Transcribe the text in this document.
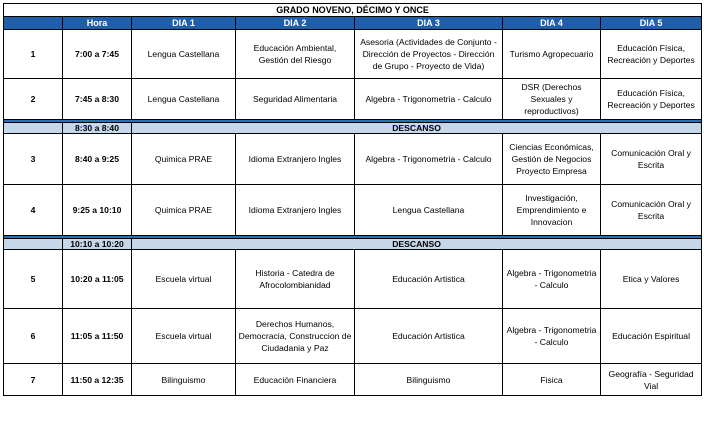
GRADO NOVENO, DÉCIMO Y ONCE						
	Hora	DIA 1	DIA 2	DIA 3	DIA 4	DIA 5
1	7:00 a 7:45	Lengua Castellana	Educación Ambiental, Gestión del Riesgo	Asesoria (Actividades de Conjunto - Dirección de Proyectos - Dirección de Grupo - Proyecto de Vida)	Turismo Agropecuario	Educación Física, Recreación y Deportes
2	7:45 a 8:30	Lengua Castellana	Seguridad Alimentaria	Algebra - Trigonometria - Calculo	DSR (Derechos Sexuales y reproductivos)	Educación Física, Recreación y Deportes

	8:30 a 8:40	DESCANSO				
3	8:40 a 9:25	Quimica PRAE	Idioma Extranjero Ingles	Algebra - Trigonometria - Calculo	Ciencias Económicas, Gestión de Negocios Proyecto Empresa	Comunicación Oral y Escrita
4	9:25 a 10:10	Quimica PRAE	Idioma Extranjero Ingles	Lengua Castellana	Investigación, Emprendimiento e Innovacion	Comunicación Oral y Escrita

	10:10 a 10:20	DESCANSO				
5	10:20 a 11:05	Escuela virtual	Historia - Catedra de Afrocolombianidad	Educación Artistica	Algebra - Trigonometria - Calculo	Etica y Valores
6	11:05 a 11:50	Escuela virtual	Derechos Humanos, Democracia, Construccion de Ciudadania y Paz	Educación Artistica	Algebra - Trigonometria - Calculo	Educación Espiritual
7	11:50 a 12:35	Bilinguismo	Educación Financiera	Bilinguismo	Fisica	Geografía - Seguridad Vial
